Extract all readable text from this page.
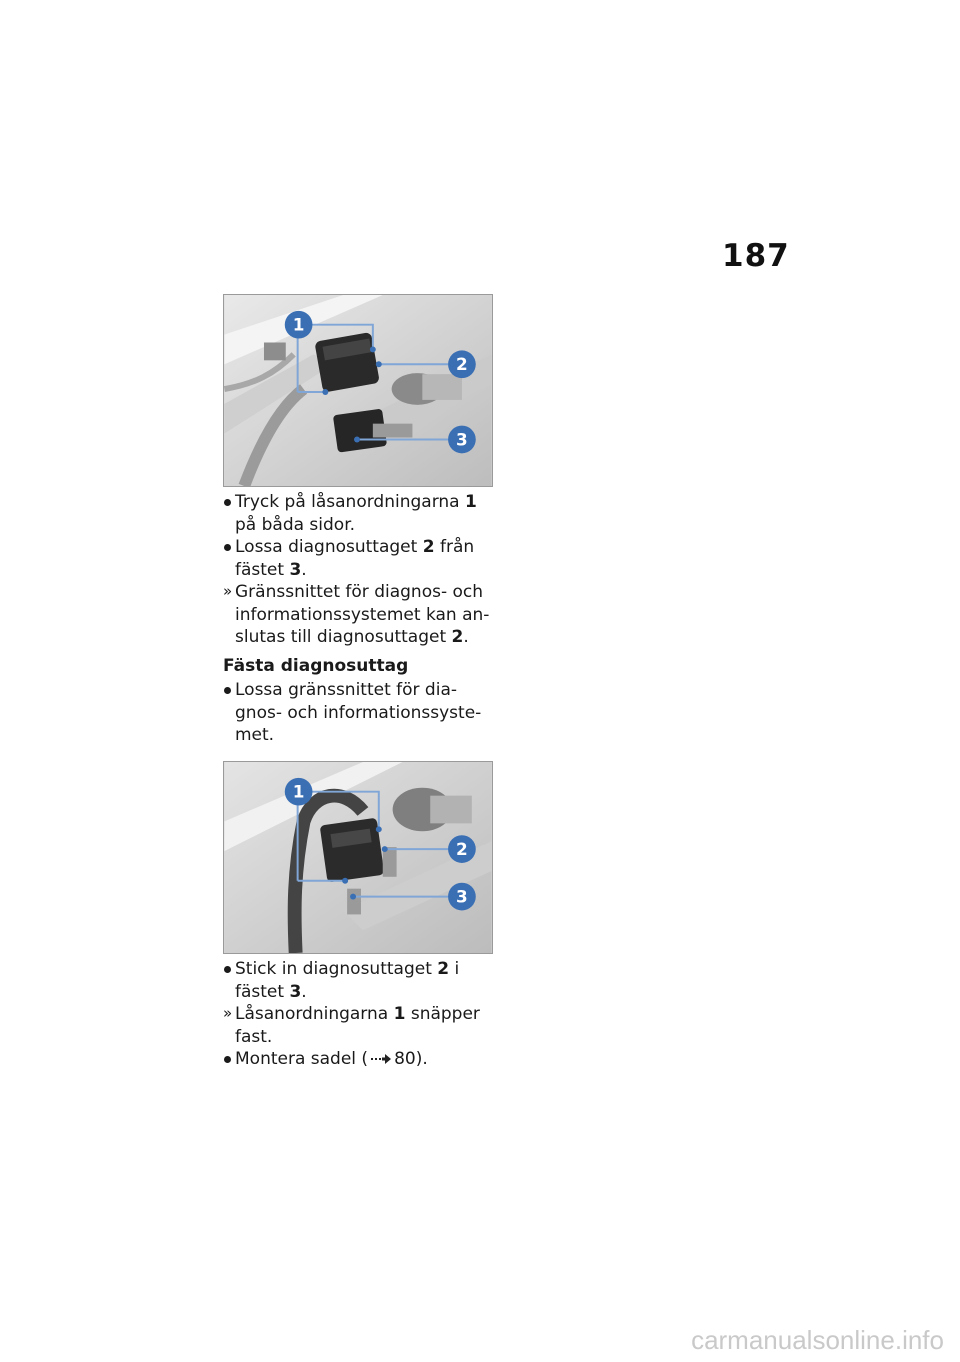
187
1
2
3
Tryck på låsanordningarna 1 på båda sidor.
Lossa diagnosuttaget 2 från fästet 3.
» Gränssnittet för diagnos- och informationssystemet kan an-slutas till diagnosuttaget 2.
Fästa diagnosuttag
Lossa gränssnittet för dia-gnos- och informationssyste-met.
1
2
3
Stick in diagnosuttaget 2 i fästet 3.
» Låsanordningarna 1 snäpper fast.
Montera sadel ( 80).
carmanualsonline.info
